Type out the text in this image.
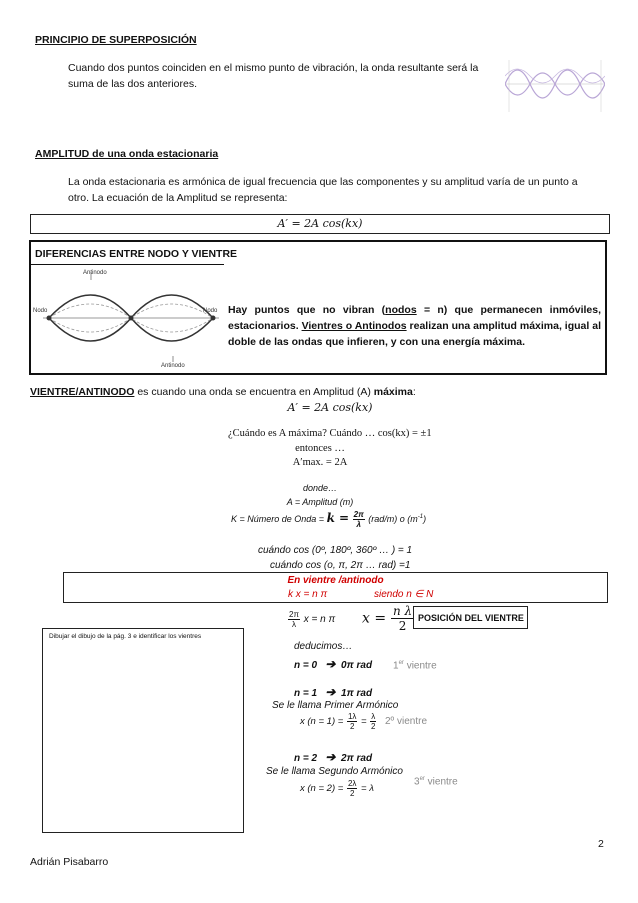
PRINCIPIO DE SUPERPOSICIÓN
Cuando dos puntos coinciden en el mismo punto de vibración, la onda resultante será la
suma de las dos anteriores.
AMPLITUD de una onda estacionaria
La onda estacionaria es armónica de igual frecuencia que las componentes y su amplitud varía de un punto a
otro. La ecuación de la Amplitud se representa:
A′ = 2A cos(kx)
DIFERENCIAS ENTRE NODO Y VIENTRE
Antinodo
Nodo	Nodo
Antinodo
Hay puntos que no vibran (nodos = n) que permanecen inmóviles, estacionarios. Vientres o Antinodos realizan una amplitud máxima, igual al doble de las ondas que infieren, y con una energía máxima.
VIENTRE/ANTINODO es cuando una onda se encuentra en Amplitud (A) máxima:
A′ = 2A cos(kx)
¿Cuándo es A máxima? Cuándo … cos(kx) = ±1
entonces …
A′max. = 2A
donde…
A = Amplitud (m)
K = Número de Onda = $k = \frac{2\pi}{\lambda} (rad/m)$ o $(m^{-1})$
cuándo cos (0º, 180º, 360º … ) = 1
cuándo cos (o, π, 2π … rad) =1
En vientre /antinodo
k x = n π	siendo n ∈ N
$\frac{2\pi}{\lambda}$ x = n π $x = \frac{\text{n λ}}{2}$ POSICIÓN DEL VIENTRE
Dibujar el dibujo de la pág. 3 e identificar los vientres
deducimos…
n = 0 ➔ 0π rad 1er vientre
n = 1 ➔ 1π rad
Se le llama Primer Armónico
x $(n = 1) = \frac{1\lambda}{2} = \frac{\lambda}{2}$ 2º vientre
n = 2 ➔ 2π rad
Se le llama Segundo Armónico
x $(n = 2) = \frac{2\lambda}{2} = \lambda$
3er vientre
2
Adrián Pisabarro
